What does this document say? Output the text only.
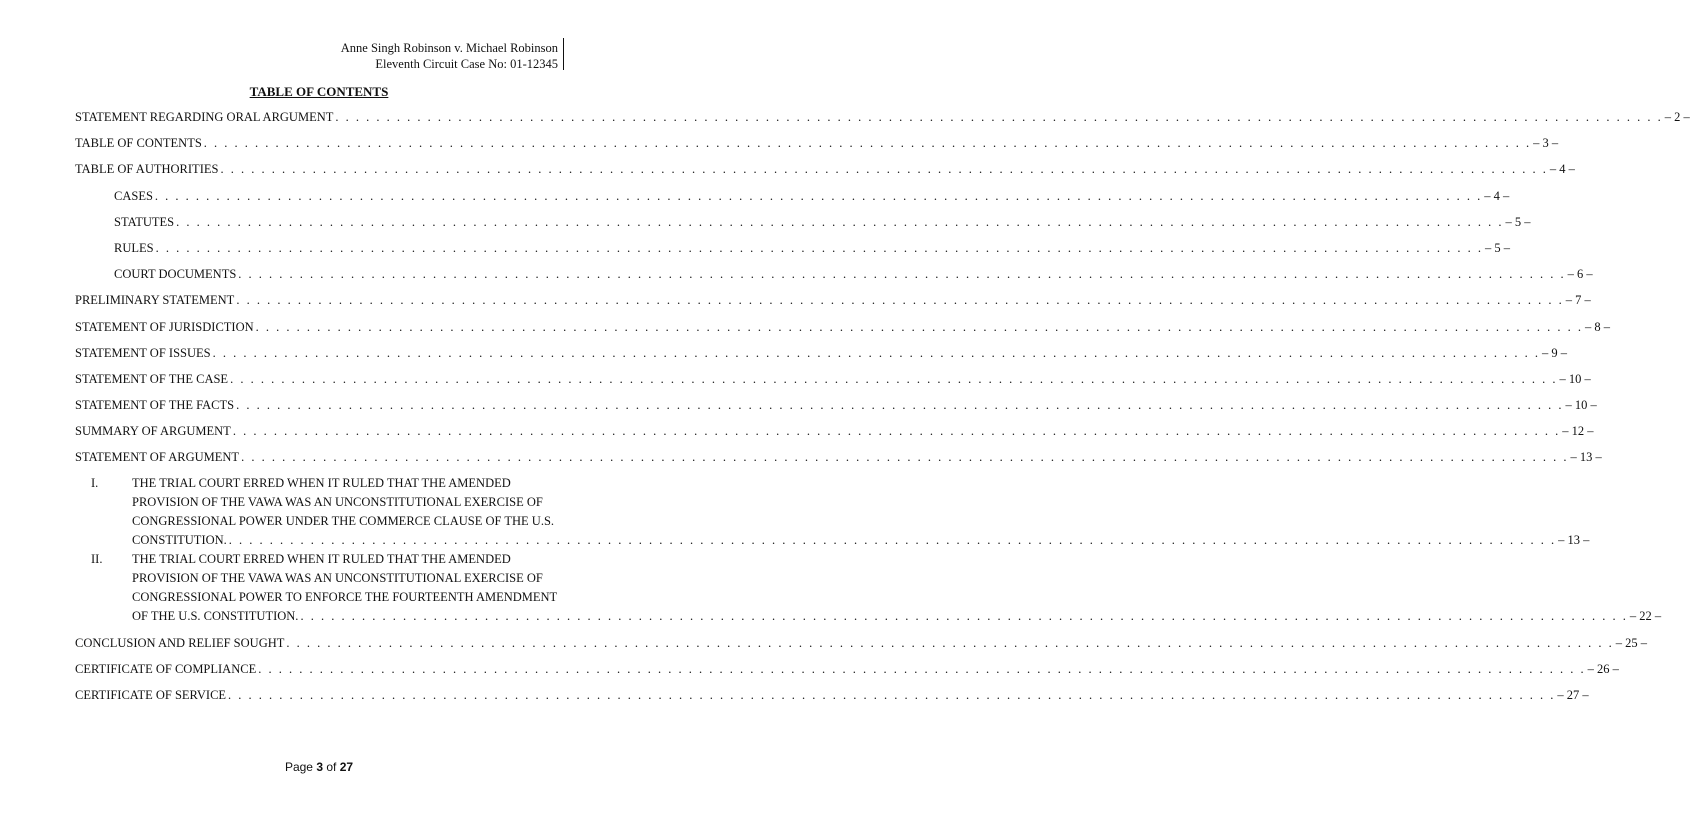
Anne Singh Robinson v. Michael Robinson
Eleventh Circuit Case No: 01-12345
TABLE OF CONTENTS
STATEMENT REGARDING ORAL ARGUMENT . . .	– 2 –
TABLE OF CONTENTS . . .	– 3 –
TABLE OF AUTHORITIES . . .	– 4 –
CASES . . .	– 4 –
STATUTES . . .	– 5 –
RULES . . .	– 5 –
COURT DOCUMENTS . . .	– 6 –
PRELIMINARY STATEMENT . . .	– 7 –
STATEMENT OF JURISDICTION . . .	– 8 –
STATEMENT OF ISSUES . . .	– 9 –
STATEMENT OF THE CASE . . .	– 10 –
STATEMENT OF THE FACTS . . .	– 10 –
SUMMARY OF ARGUMENT . . .	– 12 –
STATEMENT OF ARGUMENT . . .	– 13 –
I.	THE TRIAL COURT ERRED WHEN IT RULED THAT THE AMENDED
PROVISION OF THE VAWA WAS AN UNCONSTITUTIONAL EXERCISE OF
CONGRESSIONAL POWER UNDER THE COMMERCE CLAUSE OF THE U.S.
CONSTITUTION. . . .	– 13 –
II.	THE TRIAL COURT ERRED WHEN IT RULED THAT THE AMENDED
PROVISION OF THE VAWA WAS AN UNCONSTITUTIONAL EXERCISE OF
CONGRESSIONAL POWER TO ENFORCE THE FOURTEENTH AMENDMENT
OF THE U.S. CONSTITUTION. . . .	– 22 –
CONCLUSION AND RELIEF SOUGHT . . .	– 25 –
CERTIFICATE OF COMPLIANCE . . .	– 26 –
CERTIFICATE OF SERVICE . . .	– 27 –
Page 3 of 27
